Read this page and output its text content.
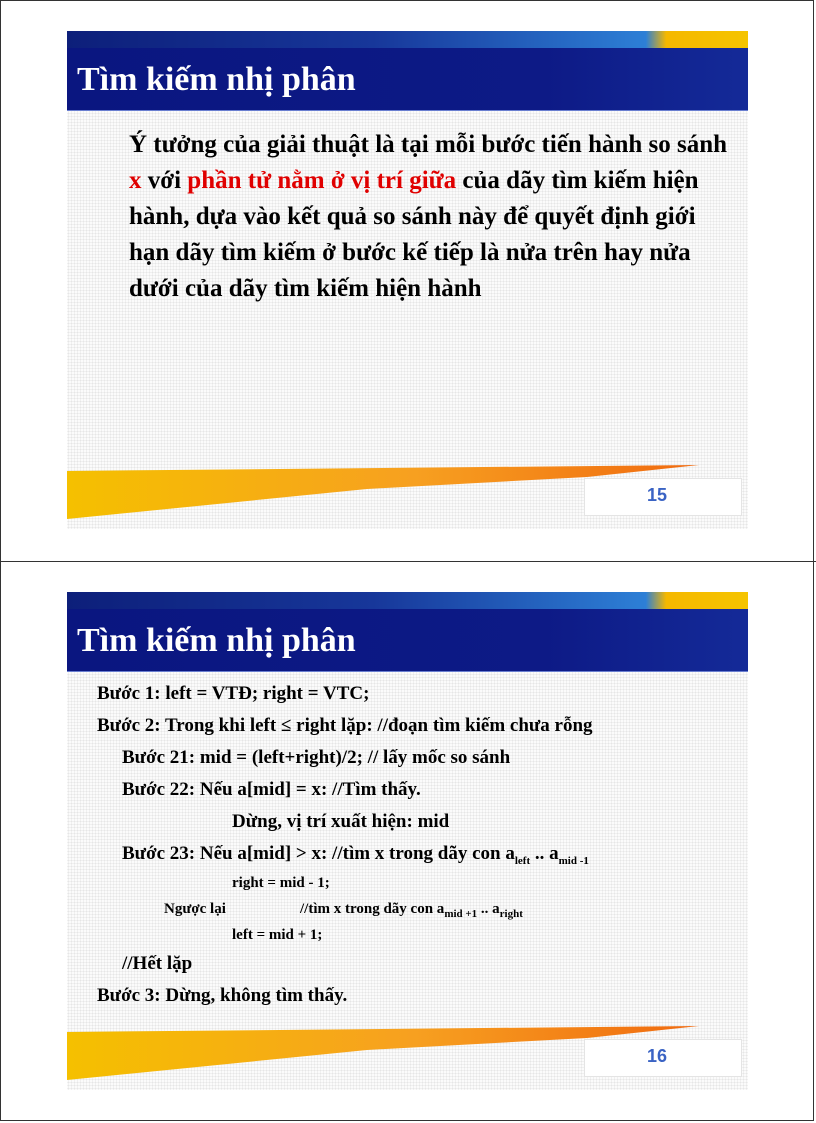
Tìm kiếm nhị phân

Ý tưởng của giải thuật là tại mỗi bước tiến hành so sánh x với phần tử nằm ở vị trí giữa của dãy tìm kiếm hiện hành, dựa vào kết quả so sánh này để quyết định giới hạn dãy tìm kiếm ở bước kế tiếp là nửa trên hay nửa dưới của dãy tìm kiếm hiện hành

15

Tìm kiếm nhị phân

Bước 1: left = VTĐ; right = VTC;

Bước 2: Trong khi left ≤ right lặp: //đoạn tìm kiếm chưa rỗng

Bước 21: mid = (left+right)/2; // lấy mốc so sánh

Bước 22: Nếu a[mid] = x: //Tìm thấy.

Dừng, vị trí xuất hiện: mid

Bước 23: Nếu a[mid] > x: //tìm x trong dãy con $a_{left}$ .. $a_{mid -1}$

right = mid - 1;

Ngược lại	//tìm x trong dãy con $a_{mid +1}$ .. $a_{right}$

left = mid + 1;

//Hết lặp

Bước 3: Dừng, không tìm thấy.

16
